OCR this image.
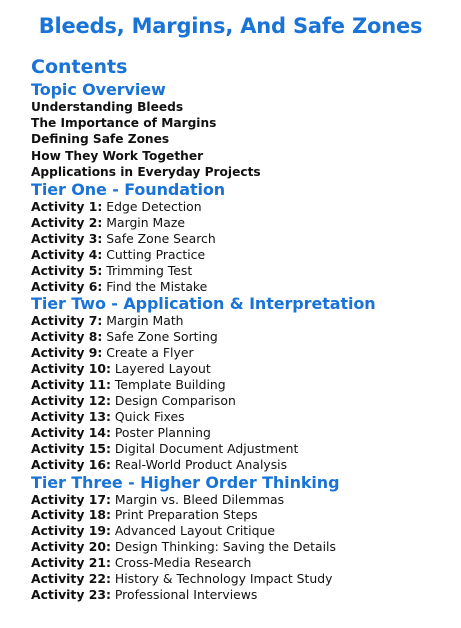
Bleeds, Margins, And Safe Zones
Contents
Topic Overview
Understanding Bleeds
The Importance of Margins
Defining Safe Zones
How They Work Together
Applications in Everyday Projects
Tier One - Foundation
Activity 1: Edge Detection
Activity 2: Margin Maze
Activity 3: Safe Zone Search
Activity 4: Cutting Practice
Activity 5: Trimming Test
Activity 6: Find the Mistake
Tier Two - Application & Interpretation
Activity 7: Margin Math
Activity 8: Safe Zone Sorting
Activity 9: Create a Flyer
Activity 10: Layered Layout
Activity 11: Template Building
Activity 12: Design Comparison
Activity 13: Quick Fixes
Activity 14: Poster Planning
Activity 15: Digital Document Adjustment
Activity 16: Real-World Product Analysis
Tier Three - Higher Order Thinking
Activity 17: Margin vs. Bleed Dilemmas
Activity 18: Print Preparation Steps
Activity 19: Advanced Layout Critique
Activity 20: Design Thinking: Saving the Details
Activity 21: Cross-Media Research
Activity 22: History & Technology Impact Study
Activity 23: Professional Interviews
